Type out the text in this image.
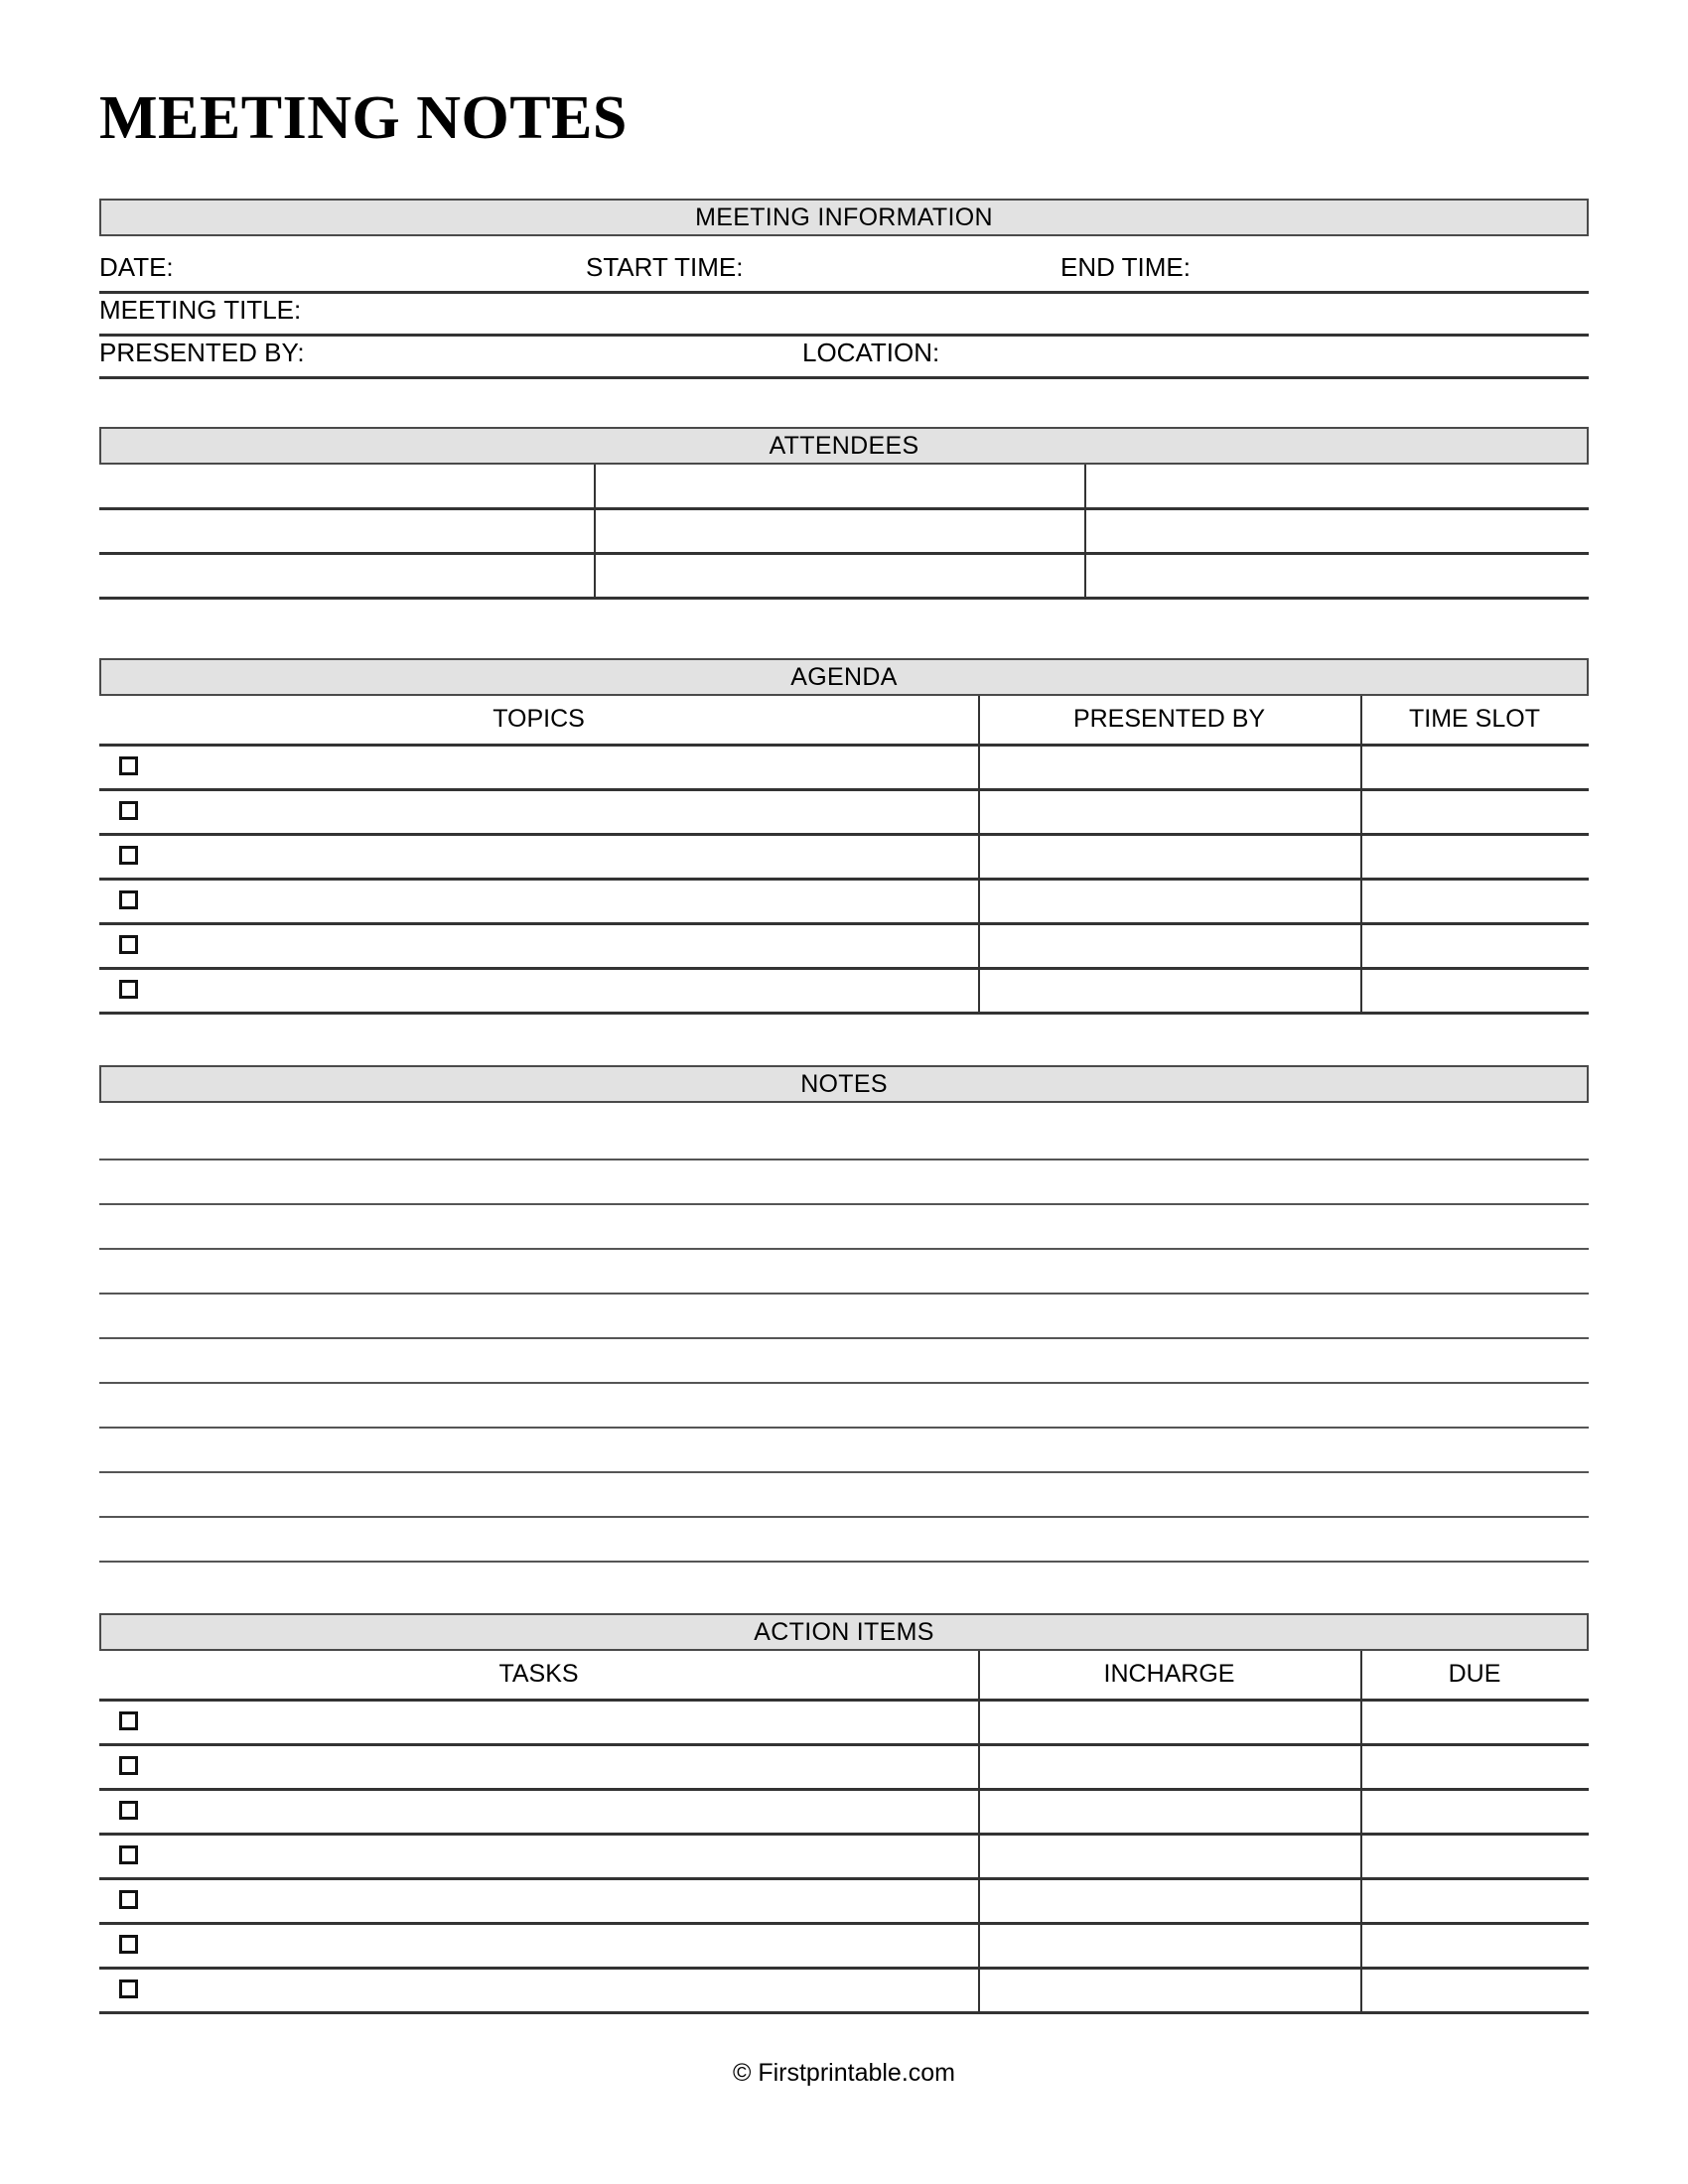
MEETING NOTES
MEETING INFORMATION
DATE:	START TIME:	END TIME:
MEETING TITLE:
PRESENTED BY:	LOCATION:
ATTENDEES
AGENDA
TOPICS	PRESENTED BY	TIME SLOT
NOTES
ACTION ITEMS
TASKS	INCHARGE	DUE
© Firstprintable.com
